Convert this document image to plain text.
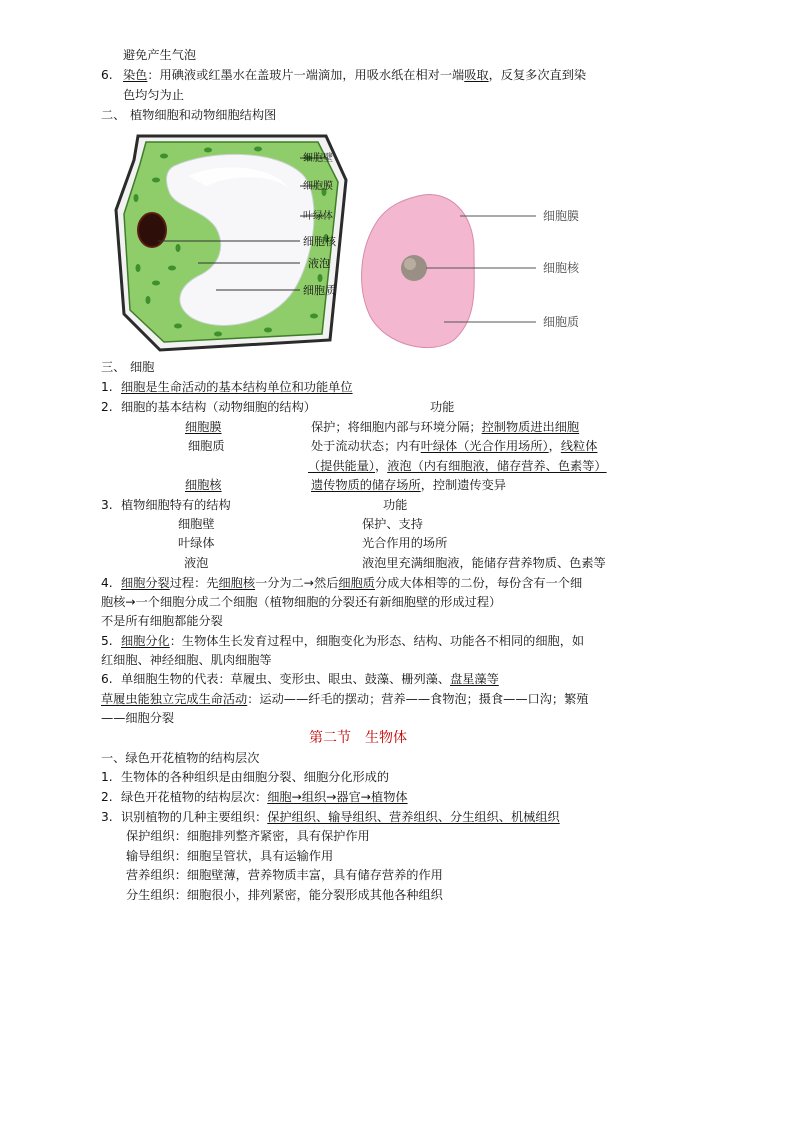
避免产生气泡
6. 染色：用碘液或红墨水在盖玻片一端滴加，用吸水纸在相对一端吸取，反复多次直到染
色均匀为止
二、 植物细胞和动物细胞结构图
细胞壁
细胞膜
叶绿体
细胞核
液泡
细胞质
细胞膜
细胞核
细胞质
三、 细胞
1. 细胞是生命活动的基本结构单位和功能单位
2. 细胞的基本结构（动物细胞的结构）	功能
细胞膜	保护；将细胞内部与环境分隔；控制物质进出细胞
细胞质	处于流动状态；内有叶绿体（光合作用场所），线粒体
（提供能量），液泡（内有细胞液，储存营养、色素等）
细胞核	遗传物质的储存场所，控制遗传变异
3. 植物细胞特有的结构	功能
细胞壁	保护、支持
叶绿体	光合作用的场所
液泡	液泡里充满细胞液，能储存营养物质、色素等
4. 细胞分裂过程：先细胞核一分为二→然后细胞质分成大体相等的二份，每份含有一个细
胞核→一个细胞分成二个细胞（植物细胞的分裂还有新细胞壁的形成过程）
不是所有细胞都能分裂
5. 细胞分化：生物体生长发育过程中，细胞变化为形态、结构、功能各不相同的细胞，如
红细胞、神经细胞、肌肉细胞等
6. 单细胞生物的代表：草履虫、变形虫、眼虫、鼓藻、栅列藻、盘星藻等
草履虫能独立完成生命活动：运动——纤毛的摆动；营养——食物泡；摄食——口沟；繁殖
——细胞分裂
第二节　生物体
一、绿色开花植物的结构层次
1. 生物体的各种组织是由细胞分裂、细胞分化形成的
2. 绿色开花植物的结构层次：细胞→组织→器官→植物体
3. 识别植物的几种主要组织：保护组织、输导组织、营养组织、分生组织、机械组织
保护组织：细胞排列整齐紧密，具有保护作用
输导组织：细胞呈管状，具有运输作用
营养组织：细胞壁薄，营养物质丰富，具有储存营养的作用
分生组织：细胞很小，排列紧密，能分裂形成其他各种组织
